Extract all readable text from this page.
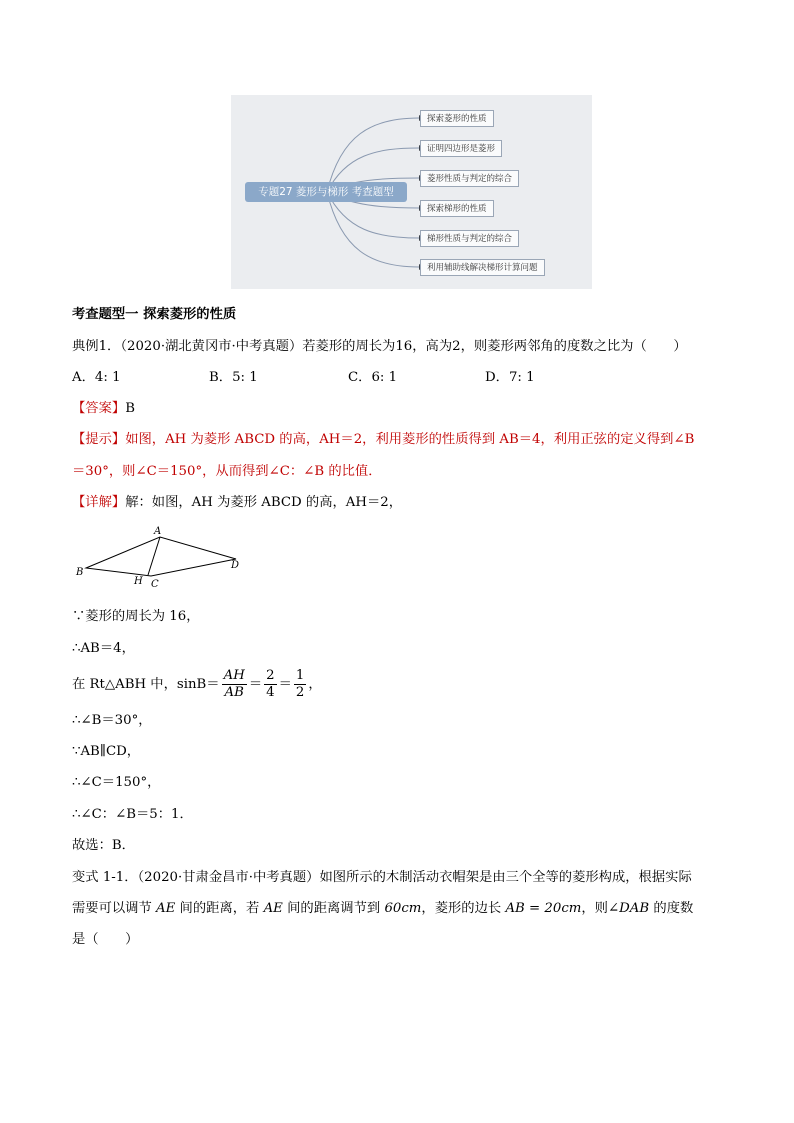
专题27 菱形与梯形 考查题型
探索菱形的性质
证明四边形是菱形
菱形性质与判定的综合
探索梯形的性质
梯形性质与判定的综合
利用辅助线解决梯形计算问题
考查题型一 探索菱形的性质
典例1．（2020·湖北黄冈市·中考真题）若菱形的周长为16，高为2，则菱形两邻角的度数之比为（　　）
A．4: 1	B．5: 1	C．6: 1	D．7: 1
【答案】B
【提示】如图，AH 为菱形 ABCD 的高，AH＝2，利用菱形的性质得到 AB＝4，利用正弦的定义得到∠B
＝30°，则∠C＝150°，从而得到∠C：∠B 的比值．
【详解】解：如图，AH 为菱形 ABCD 的高，AH＝2，
A
B
C
D
H
∵菱形的周长为 16，
∴AB＝4，
在 Rt△ABH 中，$\sin B= \frac{AH}{AB} = \frac{2}{4} = \frac{1}{2}$ ，
∴∠B＝30°，
∵AB∥CD，
∴∠C＝150°，
∴∠C：∠B＝5：1．
故选：B．
变式 1-1．（2020·甘肃金昌市·中考真题）如图所示的木制活动衣帽架是由三个全等的菱形构成，根据实际
需要可以调节 AE 间的距离，若 AE 间的距离调节到 60cm，菱形的边长 AB = 20cm，则∠DAB 的度数
是（　　）
